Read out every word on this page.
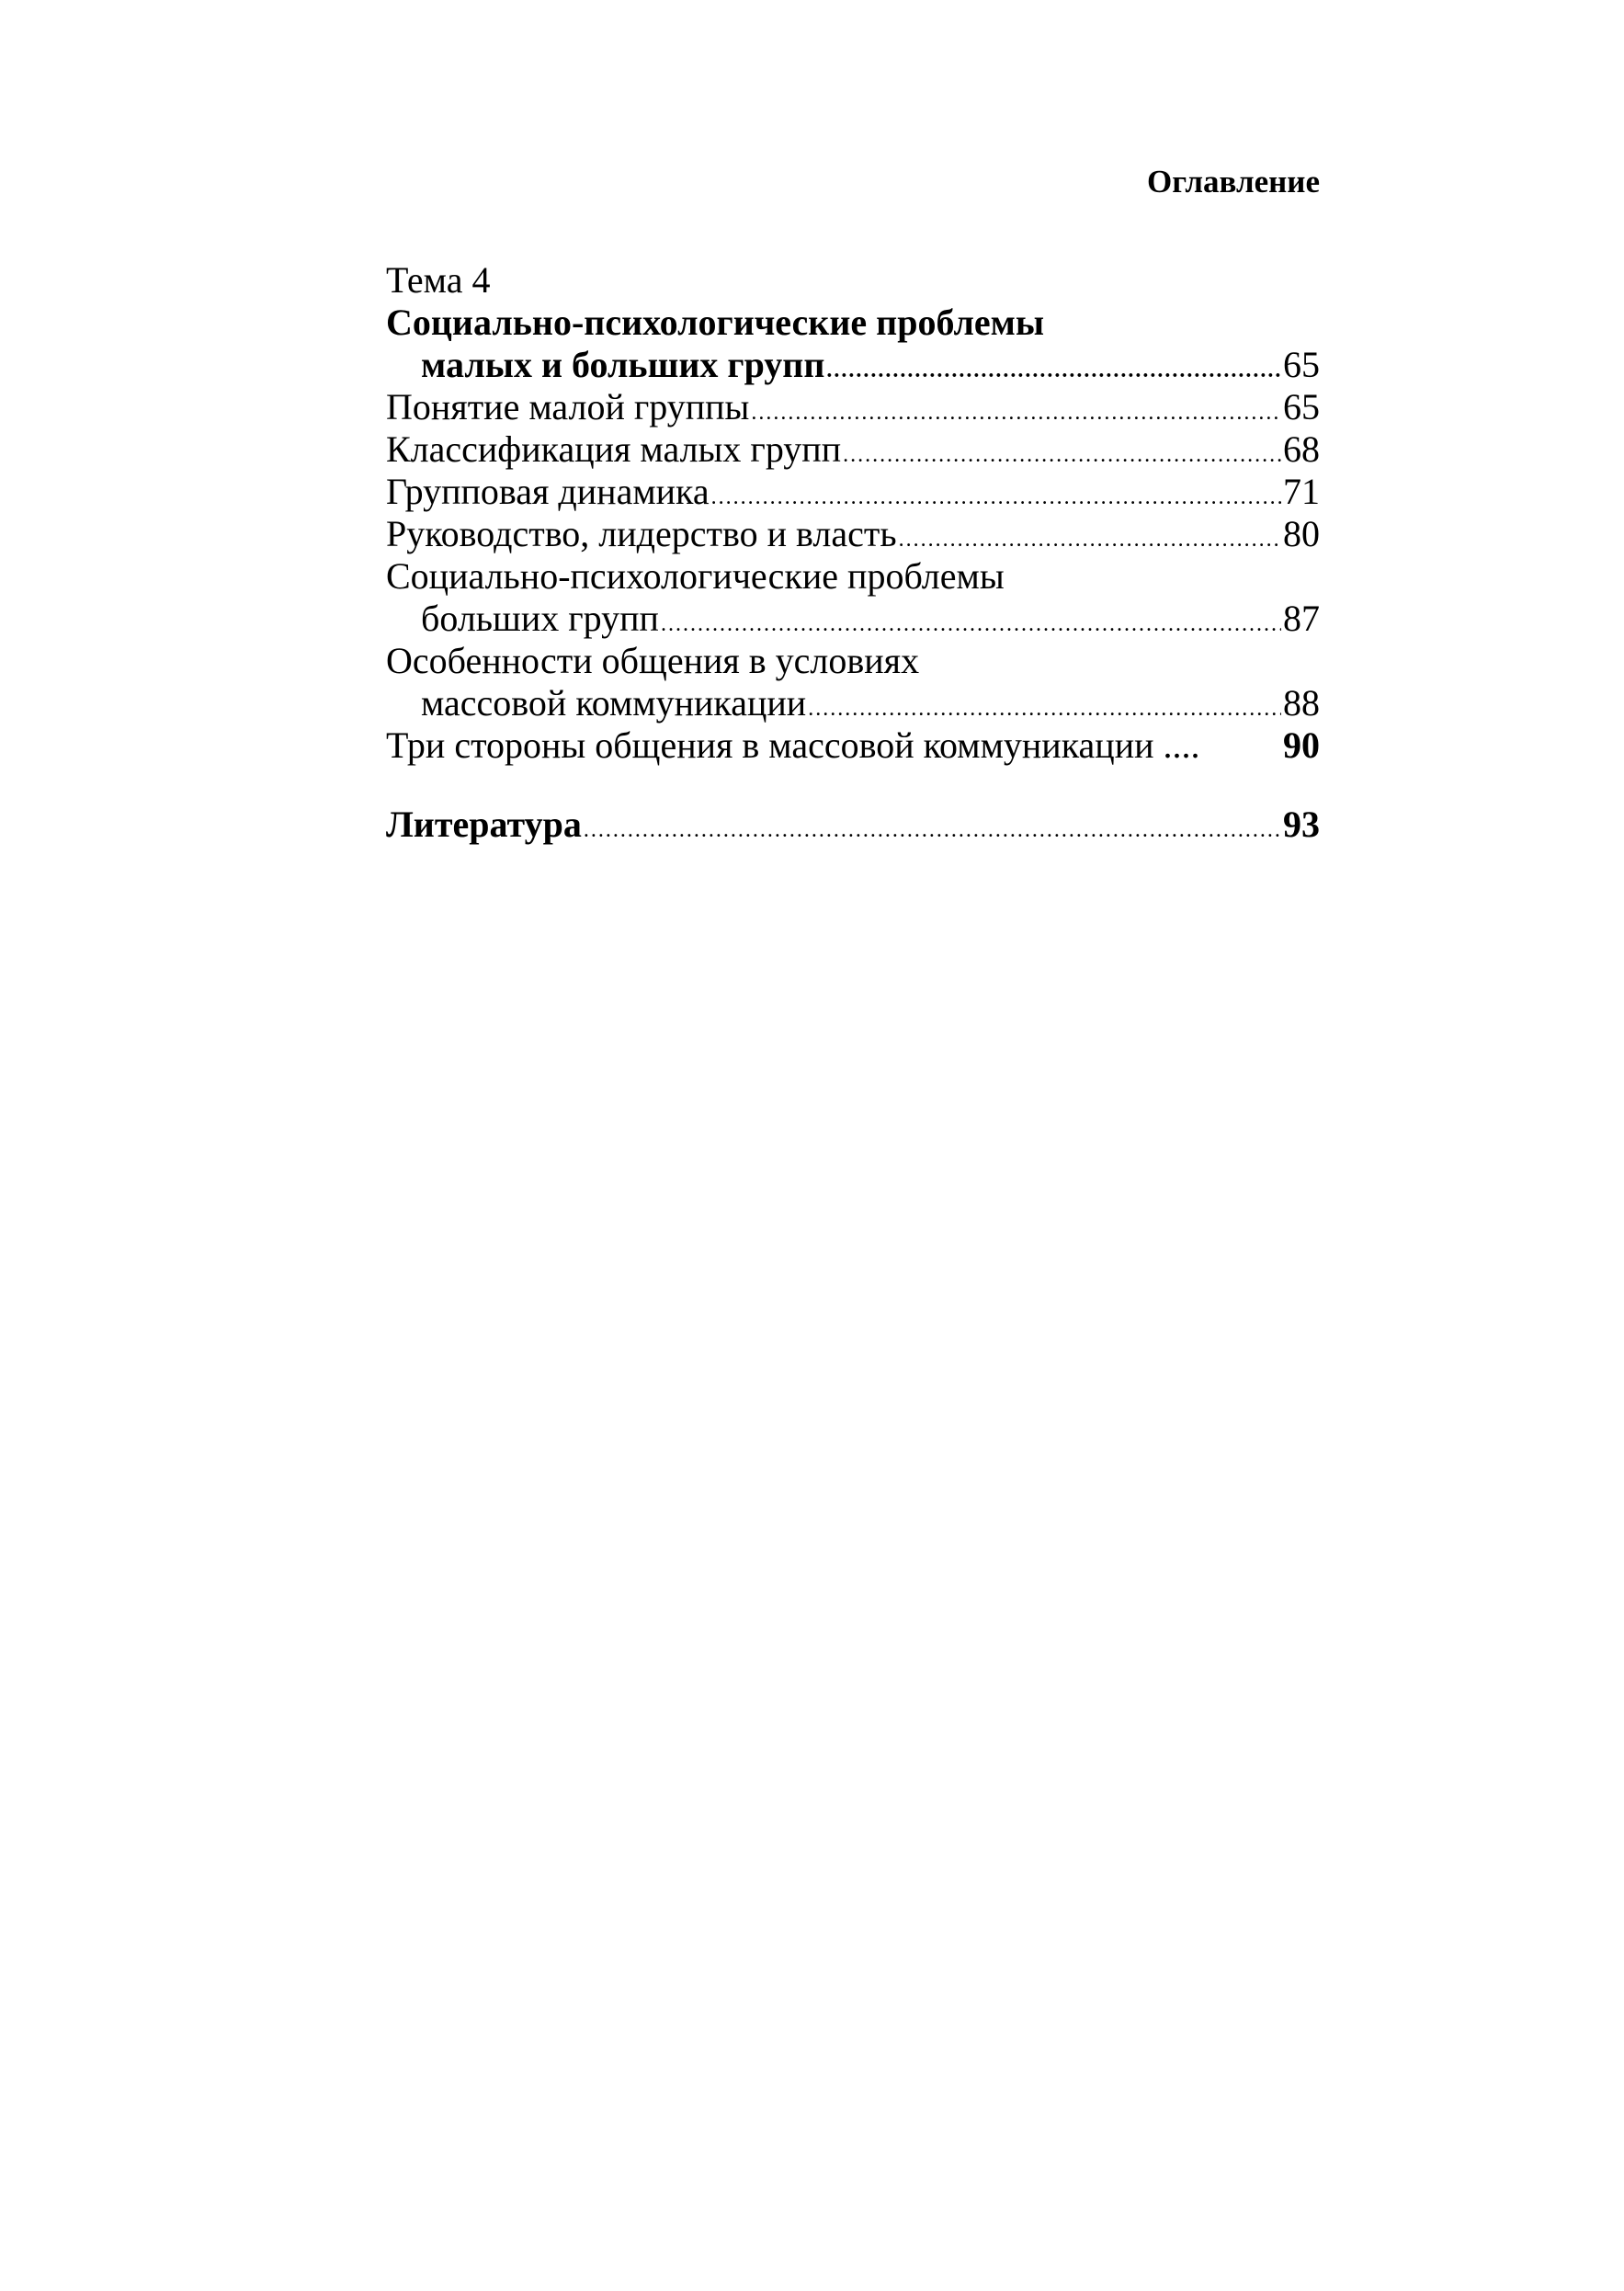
Оглавление
Тема 4
Социально-психологические проблемы
малых и больших групп .....	65
Понятие малой группы .....	65
Классификация малых групп .....	68
Групповая динамика .....	71
Руководство, лидерство и власть .....	80
Социально-психологические проблемы
больших групп .....	87
Особенности общения в условиях
массовой коммуникации .....	88
Три стороны общения в массовой коммуникации .... 90
Литература .....	93
